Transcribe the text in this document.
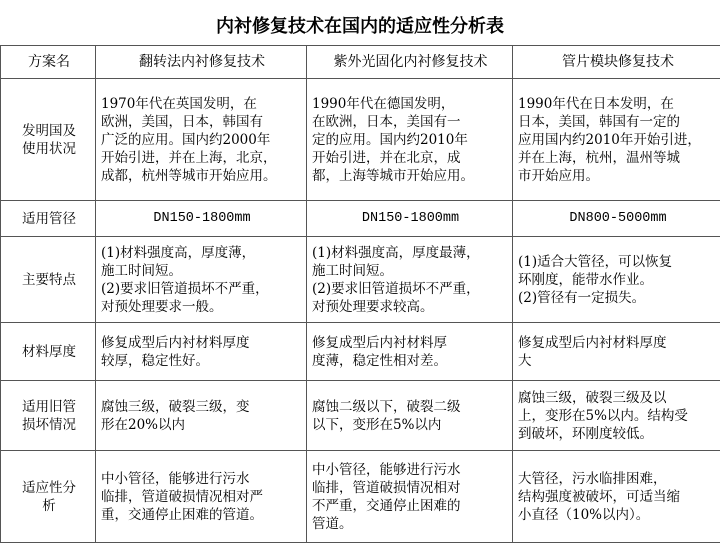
内衬修复技术在国内的适应性分析表
方案名	翻转法内衬修复技术	紫外光固化内衬修复技术	管片模块修复技术
发明国及
使用状况	1970年代在英国发明，在
欧洲，美国，日本，韩国有
广泛的应用。国内约2000年
开始引进，并在上海，北京，
成都，杭州等城市开始应用。	1990年代在德国发明，
在欧洲，日本，美国有一
定的应用。国内约2010年
开始引进，并在北京，成
都，上海等城市开始应用。	1990年代在日本发明，在
日本，美国，韩国有一定的
应用国内约2010年开始引进，
并在上海，杭州，温州等城
市开始应用。
适用管径	DN150-1800mm	DN150-1800mm	DN800-5000mm
主要特点	(1)材料强度高，厚度薄，
施工时间短。
(2)要求旧管道损坏不严重，
对预处理要求一般。	(1)材料强度高，厚度最薄，
施工时间短。
(2)要求旧管道损坏不严重，
对预处理要求较高。	(1)适合大管径，可以恢复
环刚度，能带水作业。
(2)管径有一定损失。
材料厚度	修复成型后内衬材料厚度
较厚，稳定性好。	修复成型后内衬材料厚
度薄，稳定性相对差。	修复成型后内衬材料厚度
大
适用旧管
损坏情况	腐蚀三级，破裂三级，变
形在20%以内	腐蚀二级以下，破裂二级
以下，变形在5%以内	腐蚀三级，破裂三级及以
上，变形在5%以内。结构受
到破坏，环刚度较低。
适应性分
析	中小管径，能够进行污水
临排，管道破损情况相对严
重，交通停止困难的管道。	中小管径，能够进行污水
临排，管道破损情况相对
不严重，交通停止困难的
管道。	大管径，污水临排困难，
结构强度被破坏，可适当缩
小直径（10%以内）。
